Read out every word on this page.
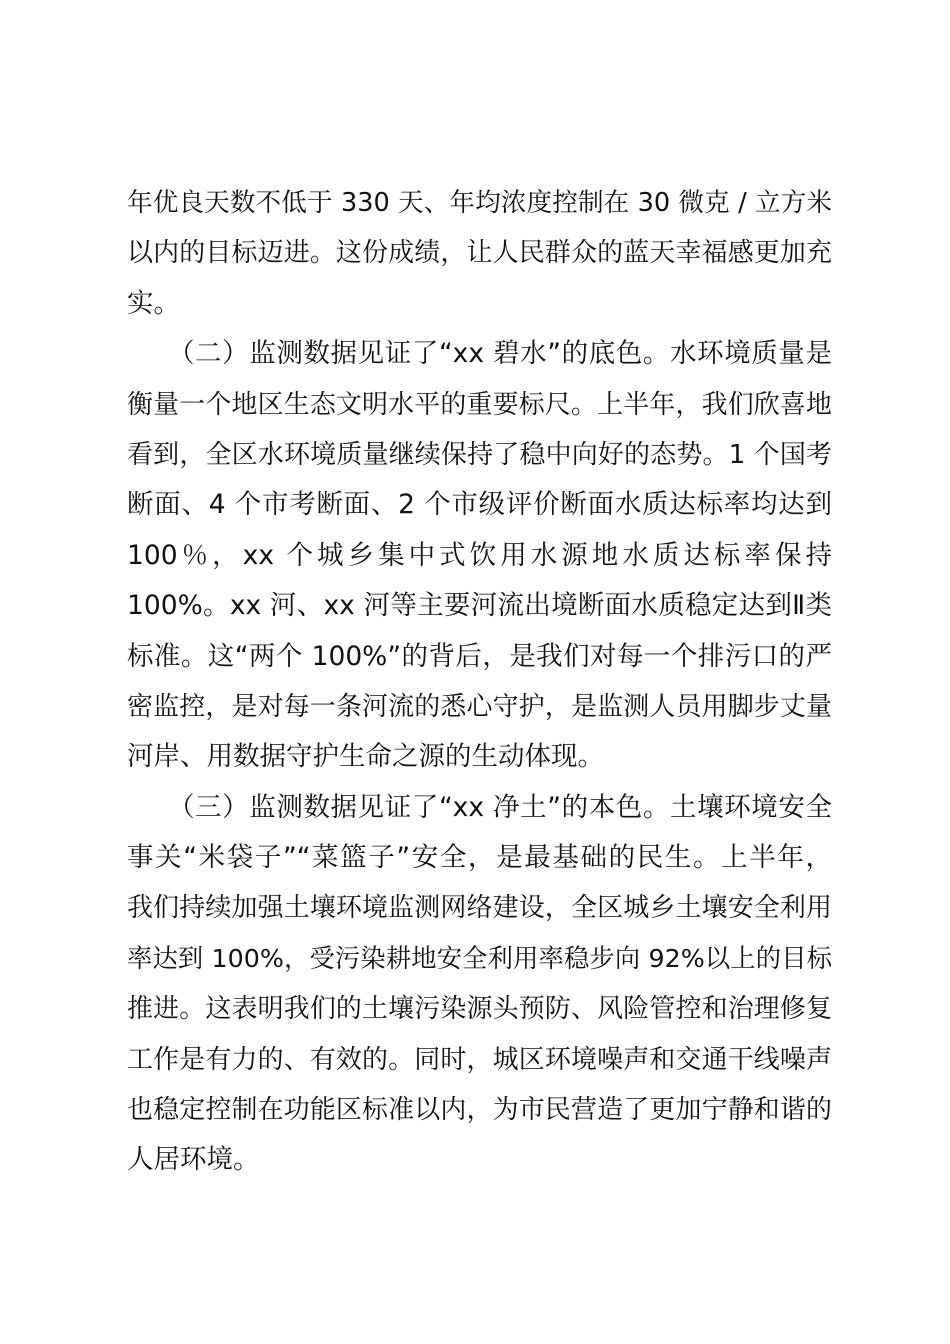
年优良天数不低于 330 天、年均浓度控制在 30 微克 / 立方米
以内的目标迈进。这份成绩，让人民群众的蓝天幸福感更加充
实。
　　（二）监测数据见证了“xx 碧水”的底色。水环境质量是
衡量一个地区生态文明水平的重要标尺。上半年，我们欣喜地
看到，全区水环境质量继续保持了稳中向好的态势。1 个国考
断面、4 个市考断面、2 个市级评价断面水质达标率均达到
100％，xx 个城乡集中式饮用水源地水质达标率保持
100%。xx 河、xx 河等主要河流出境断面水质稳定达到Ⅱ类
标准。这“两个 100%”的背后，是我们对每一个排污口的严
密监控，是对每一条河流的悉心守护，是监测人员用脚步丈量
河岸、用数据守护生命之源的生动体现。
　　（三）监测数据见证了“xx 净土”的本色。土壤环境安全
事关“米袋子”“菜篮子”安全，是最基础的民生。上半年，
我们持续加强土壤环境监测网络建设，全区城乡土壤安全利用
率达到 100%，受污染耕地安全利用率稳步向 92%以上的目标
推进。这表明我们的土壤污染源头预防、风险管控和治理修复
工作是有力的、有效的。同时，城区环境噪声和交通干线噪声
也稳定控制在功能区标准以内，为市民营造了更加宁静和谐的
人居环境。
